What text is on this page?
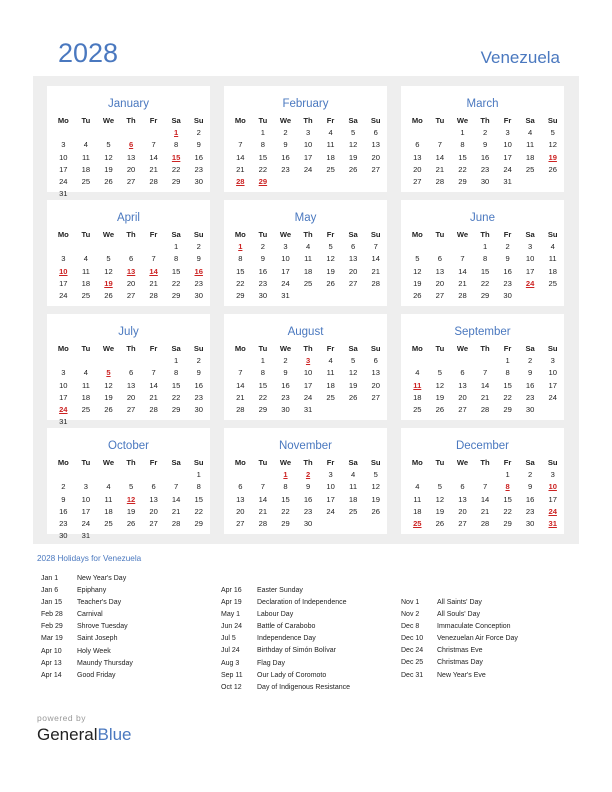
2028	Venezuela
January
Mo	Tu	We	Th	Fr	Sa	Su
					1	2
3	4	5	6	7	8	9
10	11	12	13	14	15	16
17	18	19	20	21	22	23
24	25	26	27	28	29	30
31						
February
Mo	Tu	We	Th	Fr	Sa	Su
	1	2	3	4	5	6
7	8	9	10	11	12	13
14	15	16	17	18	19	20
21	22	23	24	25	26	27
28	29					
March
Mo	Tu	We	Th	Fr	Sa	Su
		1	2	3	4	5
6	7	8	9	10	11	12
13	14	15	16	17	18	19
20	21	22	23	24	25	26
27	28	29	30	31		
April
Mo	Tu	We	Th	Fr	Sa	Su
					1	2
3	4	5	6	7	8	9
10	11	12	13	14	15	16
17	18	19	20	21	22	23
24	25	26	27	28	29	30
May
Mo	Tu	We	Th	Fr	Sa	Su
1	2	3	4	5	6	7
8	9	10	11	12	13	14
15	16	17	18	19	20	21
22	23	24	25	26	27	28
29	30	31				
June
Mo	Tu	We	Th	Fr	Sa	Su
			1	2	3	4
5	6	7	8	9	10	11
12	13	14	15	16	17	18
19	20	21	22	23	24	25
26	27	28	29	30		
July
Mo	Tu	We	Th	Fr	Sa	Su
					1	2
3	4	5	6	7	8	9
10	11	12	13	14	15	16
17	18	19	20	21	22	23
24	25	26	27	28	29	30
31						
August
Mo	Tu	We	Th	Fr	Sa	Su
	1	2	3	4	5	6
7	8	9	10	11	12	13
14	15	16	17	18	19	20
21	22	23	24	25	26	27
28	29	30	31			
September
Mo	Tu	We	Th	Fr	Sa	Su
				1	2	3
4	5	6	7	8	9	10
11	12	13	14	15	16	17
18	19	20	21	22	23	24
25	26	27	28	29	30	
October
Mo	Tu	We	Th	Fr	Sa	Su
						1
2	3	4	5	6	7	8
9	10	11	12	13	14	15
16	17	18	19	20	21	22
23	24	25	26	27	28	29
30	31					
November
Mo	Tu	We	Th	Fr	Sa	Su
		1	2	3	4	5
6	7	8	9	10	11	12
13	14	15	16	17	18	19
20	21	22	23	24	25	26
27	28	29	30			
December
Mo	Tu	We	Th	Fr	Sa	Su
				1	2	3
4	5	6	7	8	9	10
11	12	13	14	15	16	17
18	19	20	21	22	23	24
25	26	27	28	29	30	31
2028 Holidays for Venezuela
Jan 1	New Year's Day
Jan 6	Epiphany
Jan 15 Teacher's Day
Feb 28 Carnival
Feb 29 Shrove Tuesday
Mar 19 Saint Joseph
Apr 10 Holy Week
Apr 13 Maundy Thursday
Apr 14 Good Friday
Apr 16 Easter Sunday
Apr 19 Declaration of Independence
May 1 Labour Day
Jun 24 Battle of Carabobo
Jul 5	Independence Day
Jul 24 Birthday of Simón Bolívar
Aug 3	Flag Day
Sep 11 Our Lady of Coromoto
Oct 12 Day of Indigenous Resistance
Nov 1	All Saints' Day
Nov 2	All Souls' Day
Dec 8	Immaculate Conception
Dec 10 Venezuelan Air Force Day
Dec 24 Christmas Eve
Dec 25 Christmas Day
Dec 31 New Year's Eve
powered by
GeneralBlue
